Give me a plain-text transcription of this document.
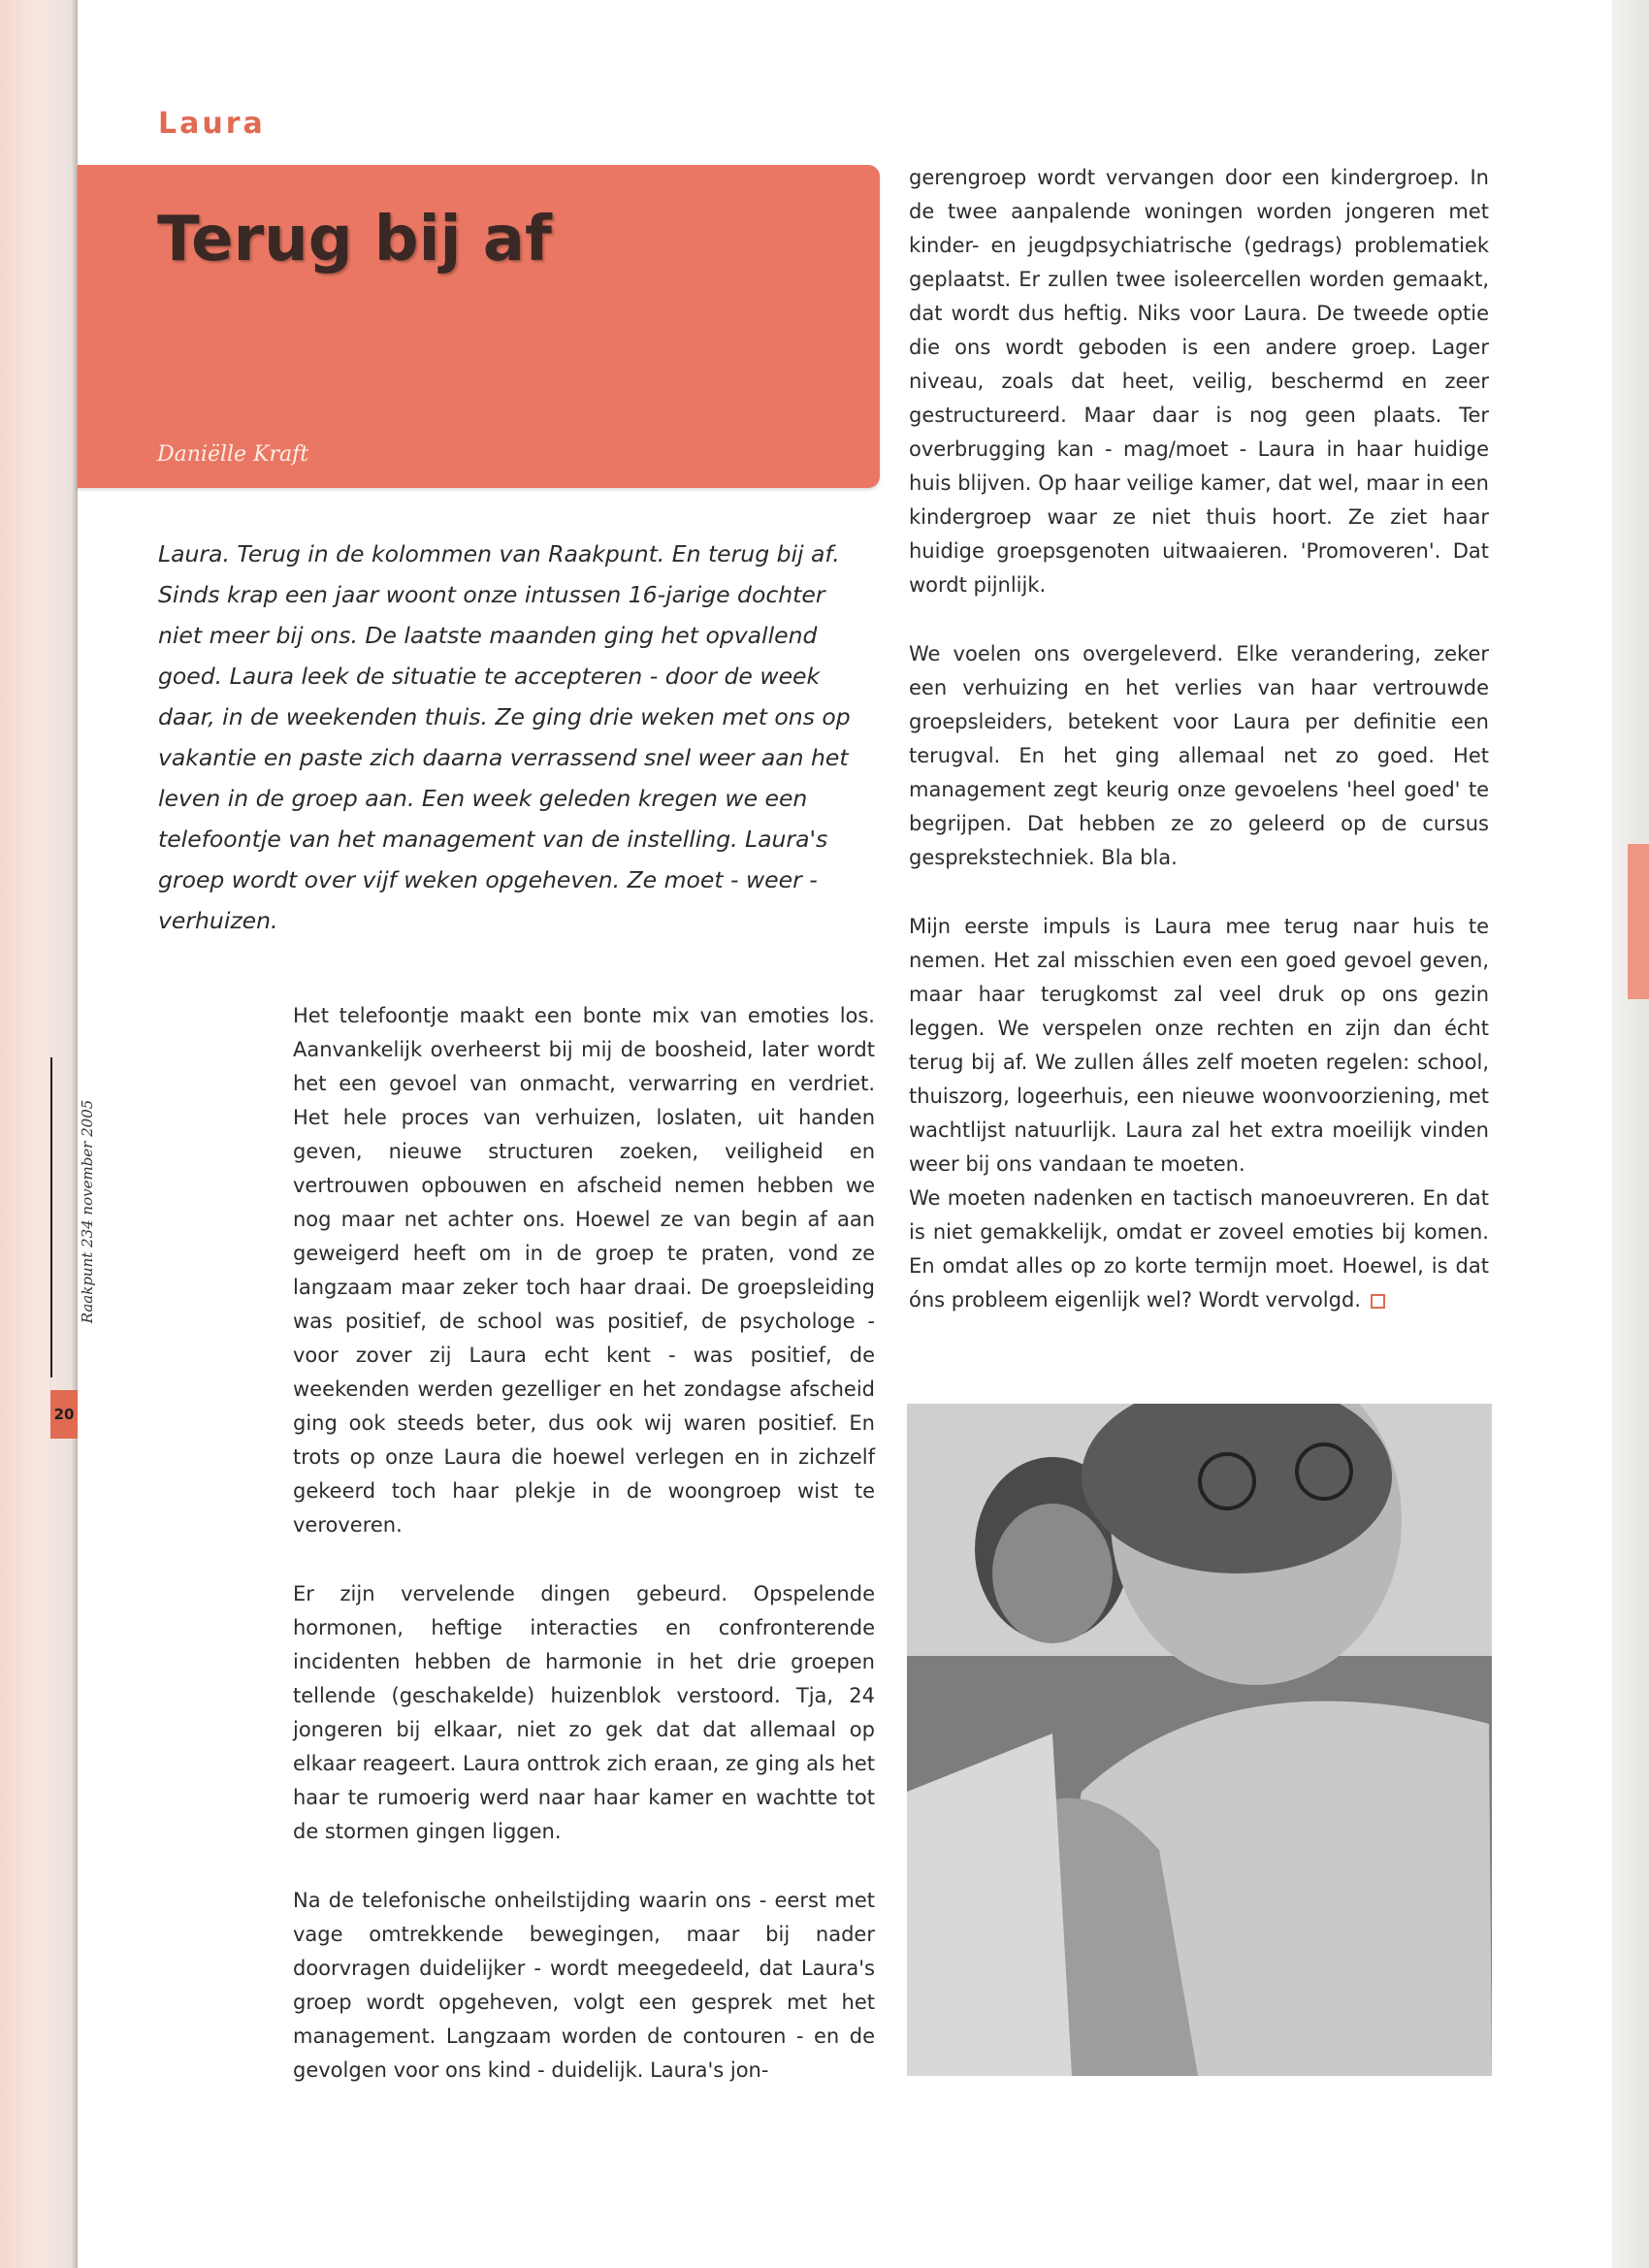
Raakpunt 234 november 2005
20
Laura
Terug bij af
Daniëlle Kraft

Laura. Terug in de kolommen van Raakpunt. En terug bij af. Sinds krap een jaar woont onze intussen 16-jarige dochter niet meer bij ons. De laatste maanden ging het opvallend goed. Laura leek de situatie te accepteren - door de week daar, in de weekenden thuis. Ze ging drie weken met ons op vakantie en paste zich daarna verrassend snel weer aan het leven in de groep aan. Een week geleden kregen we een telefoontje van het management van de instelling. Laura's groep wordt over vijf weken opgeheven. Ze moet - weer - verhuizen.

Het telefoontje maakt een bonte mix van emoties los. Aanvankelijk overheerst bij mij de boosheid, later wordt het een gevoel van onmacht, verwarring en verdriet. Het hele proces van verhuizen, loslaten, uit handen geven, nieuwe structuren zoeken, veiligheid en vertrouwen opbouwen en afscheid nemen hebben we nog maar net achter ons. Hoewel ze van begin af aan geweigerd heeft om in de groep te praten, vond ze langzaam maar zeker toch haar draai. De groepsleiding was positief, de school was positief, de psychologe - voor zover zij Laura echt kent - was positief, de weekenden werden gezelliger en het zondagse afscheid ging ook steeds beter, dus ook wij waren positief. En trots op onze Laura die hoewel verlegen en in zichzelf gekeerd toch haar plekje in de woongroep wist te veroveren.

Er zijn vervelende dingen gebeurd. Opspelende hormonen, heftige interacties en confronterende incidenten hebben de harmonie in het drie groepen tellende (geschakelde) huizenblok verstoord. Tja, 24 jongeren bij elkaar, niet zo gek dat dat allemaal op elkaar reageert. Laura onttrok zich eraan, ze ging als het haar te rumoerig werd naar haar kamer en wachtte tot de stormen gingen liggen.

Na de telefonische onheilstijding waarin ons - eerst met vage omtrekkende bewegingen, maar bij nader doorvragen duidelijker - wordt meegedeeld, dat Laura's groep wordt opgeheven, volgt een gesprek met het management. Langzaam worden de contouren - en de gevolgen voor ons kind - duidelijk. Laura's jon-

gerengroep wordt vervangen door een kindergroep. In de twee aanpalende woningen worden jongeren met kinder- en jeugdpsychiatrische (gedrags) problematiek geplaatst. Er zullen twee isoleercellen worden gemaakt, dat wordt dus heftig. Niks voor Laura. De tweede optie die ons wordt geboden is een andere groep. Lager niveau, zoals dat heet, veilig, beschermd en zeer gestructureerd. Maar daar is nog geen plaats. Ter overbrugging kan - mag/moet - Laura in haar huidige huis blijven. Op haar veilige kamer, dat wel, maar in een kindergroep waar ze niet thuis hoort. Ze ziet haar huidige groepsgenoten uitwaaieren. 'Promoveren'. Dat wordt pijnlijk.

We voelen ons overgeleverd. Elke verandering, zeker een verhuizing en het verlies van haar vertrouwde groepsleiders, betekent voor Laura per definitie een terugval. En het ging allemaal net zo goed. Het management zegt keurig onze gevoelens 'heel goed' te begrijpen. Dat hebben ze zo geleerd op de cursus gesprekstechniek. Bla bla.

Mijn eerste impuls is Laura mee terug naar huis te nemen. Het zal misschien even een goed gevoel geven, maar haar terugkomst zal veel druk op ons gezin leggen. We verspelen onze rechten en zijn dan écht terug bij af. We zullen álles zelf moeten regelen: school, thuiszorg, logeerhuis, een nieuwe woonvoorziening, met wachtlijst natuurlijk. Laura zal het extra moeilijk vinden weer bij ons vandaan te moeten.

We moeten nadenken en tactisch manoeuvreren. En dat is niet gemakkelijk, omdat er zoveel emoties bij komen. En omdat alles op zo korte termijn moet. Hoewel, is dat óns probleem eigenlijk wel? Wordt vervolgd.
